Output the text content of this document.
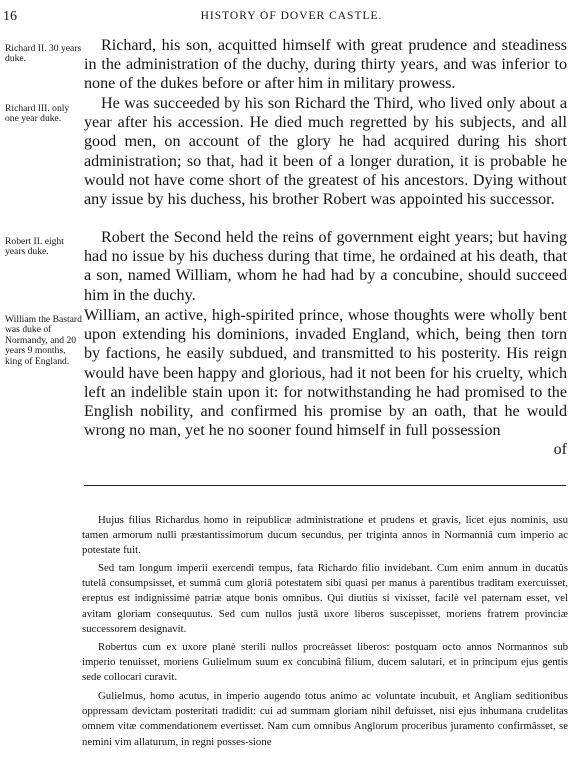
16	HISTORY OF DOVER CASTLE.
Richard II. 30 years duke.
Richard III. only one year duke.
Robert II. eight years duke.
William the Bastard was duke of Normandy, and 20 years 9 months, king of England.

Richard, his son, acquitted himself with great prudence and steadiness in the administration of the duchy, during thirty years, and was inferior to none of the dukes before or after him in military prowess.

He was succeeded by his son Richard the Third, who lived only about a year after his accession. He died much regretted by his subjects, and all good men, on account of the glory he had acquired during his short administration; so that, had it been of a longer duration, it is probable he would not have come short of the greatest of his ancestors. Dying without any issue by his duchess, his brother Robert was appointed his successor.

Robert the Second held the reins of government eight years; but having had no issue by his duchess during that time, he ordained at his death, that a son, named William, whom he had had by a concubine, should succeed him in the duchy.

William, an active, high-spirited prince, whose thoughts were wholly bent upon extending his dominions, invaded England, which, being then torn by factions, he easily subdued, and transmitted to his posterity. His reign would have been happy and glorious, had it not been for his cruelty, which left an indelible stain upon it: for notwithstanding he had promised to the English nobility, and confirmed his promise by an oath, that he would wrong no man, yet he no sooner found himself in full possession

of

Hujus filius Richardus homo in reipublicæ administratione et prudens et gravis, licet ejus nominis, usu tamen armorum nulli præstantissimorum ducum secundus, per triginta annos in Normanniâ cum imperio ac potestate fuit.

Sed tam longum imperii exercendi tempus, fata Richardo filio invidebant. Cum enim annum in ducatûs tutelâ consumpsisset, et summâ cum gloriâ potestatem sibi quasi per manus à parentibus traditam exercuisset, ereptus est indignissimè patriæ atque bonis omnibus. Qui diutiùs si vixisset, facilè vel paternam esset, vel avitam gloriam consequutus. Sed cum nullos justâ uxore liberos suscepisset, moriens fratrem provinciæ successorem designavit.

Robertus cum ex uxore planè sterili nullos procreâsset liberos: postquam octo annos Normannos sub imperio tenuisset, moriens Gulielmum suum ex concubinâ filium, ducem salutari, et in principum ejus gentis sede collocari curavit.

Gulielmus, homo acutus, in imperio augendo totus animo ac voluntate incubuit, et Angliam seditionibus oppressam devictam posteritati tradidit: cui ad summam gloriam nihil defuisset, nisi ejus inhumana crudelitas omnem vitæ commendationem evertisset. Nam cum omnibus Anglorum proceribus juramento confirmâsset, se nemini vim allaturum, in regni posses-sione
